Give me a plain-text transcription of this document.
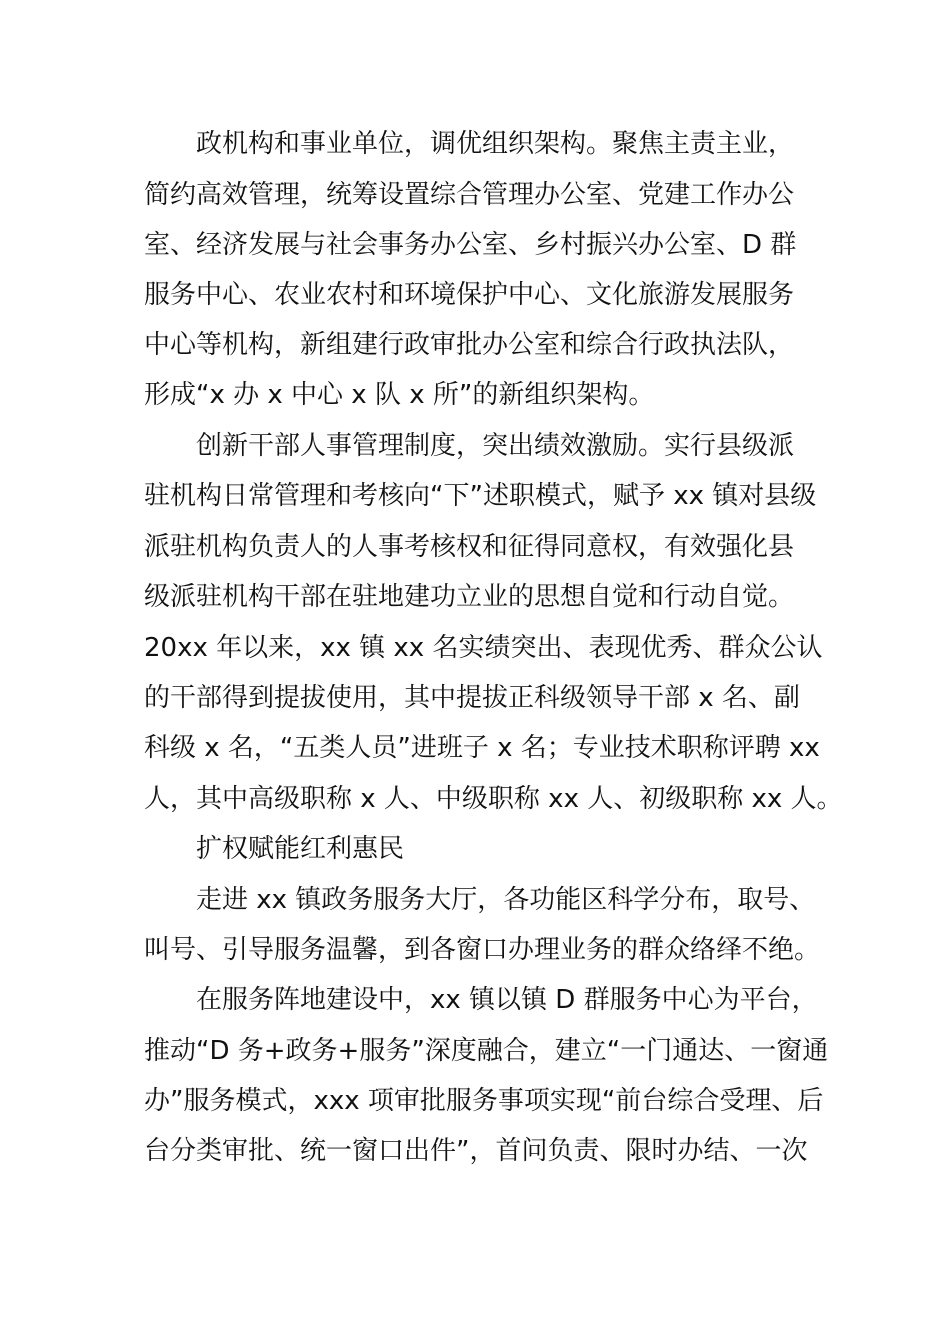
政机构和事业单位，调优组织架构。聚焦主责主业，
简约高效管理，统筹设置综合管理办公室、党建工作办公
室、经济发展与社会事务办公室、乡村振兴办公室、D 群
服务中心、农业农村和环境保护中心、文化旅游发展服务
中心等机构，新组建行政审批办公室和综合行政执法队，
形成“x 办 x 中心 x 队 x 所”的新组织架构。
创新干部人事管理制度，突出绩效激励。实行县级派
驻机构日常管理和考核向“下”述职模式，赋予 xx 镇对县级
派驻机构负责人的人事考核权和征得同意权，有效强化县
级派驻机构干部在驻地建功立业的思想自觉和行动自觉。
20xx 年以来，xx 镇 xx 名实绩突出、表现优秀、群众公认
的干部得到提拔使用，其中提拔正科级领导干部 x 名、副
科级 x 名，“五类人员”进班子 x 名；专业技术职称评聘 xx
人，其中高级职称 x 人、中级职称 xx 人、初级职称 xx 人。
扩权赋能红利惠民
走进 xx 镇政务服务大厅，各功能区科学分布，取号、
叫号、引导服务温馨，到各窗口办理业务的群众络绎不绝。
在服务阵地建设中，xx 镇以镇 D 群服务中心为平台，
推动“D 务+政务+服务”深度融合，建立“一门通达、一窗通
办”服务模式，xxx 项审批服务事项实现“前台综合受理、后
台分类审批、统一窗口出件”，首问负责、限时办结、一次
